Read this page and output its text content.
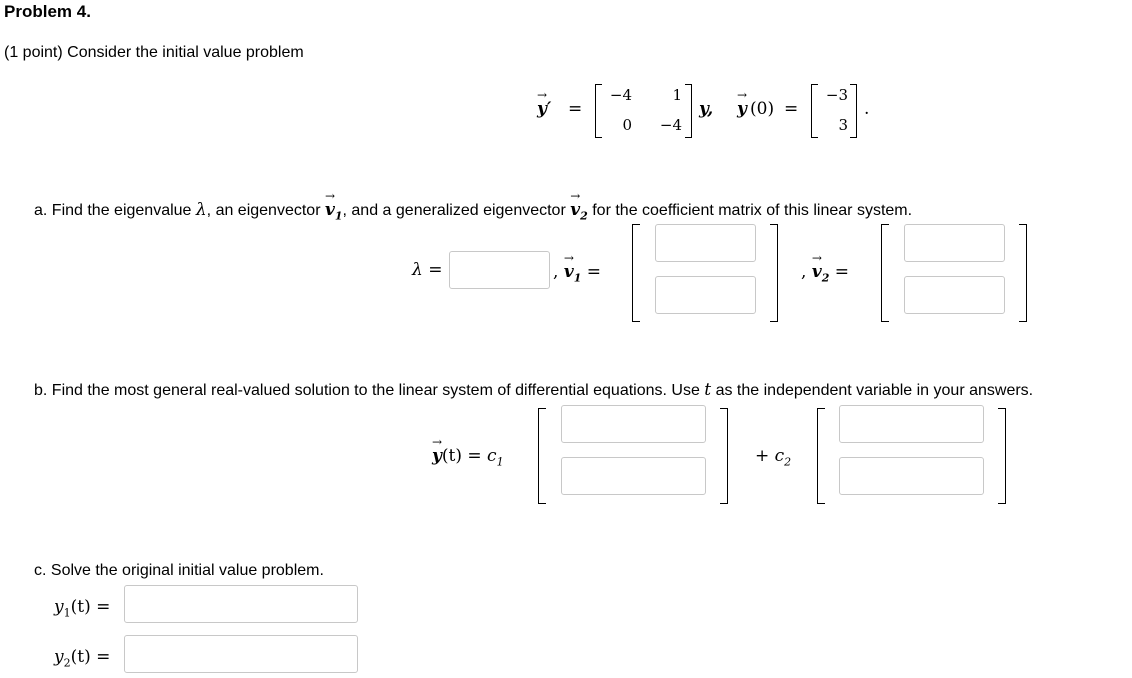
Problem 4.
(1 point) Consider the initial value problem
→ y′ =
−4	1
0	−4
y, → y (0) =
−3
3
.
a. Find the eigenvalue λ, an eigenvector → $v_1$, and a generalized eigenvector → $v_2$ for the coefficient matrix of this linear system.
λ =	, → $v_1$ =	, → $v_2$ =
b. Find the most general real-valued solution to the linear system of differential equations. Use t as the independent variable in your answers.
→ $y(t) = c_1$	+ $c_2$
c. Solve the original initial value problem.
$y_1(t)$ =
$y_2(t)$ =
